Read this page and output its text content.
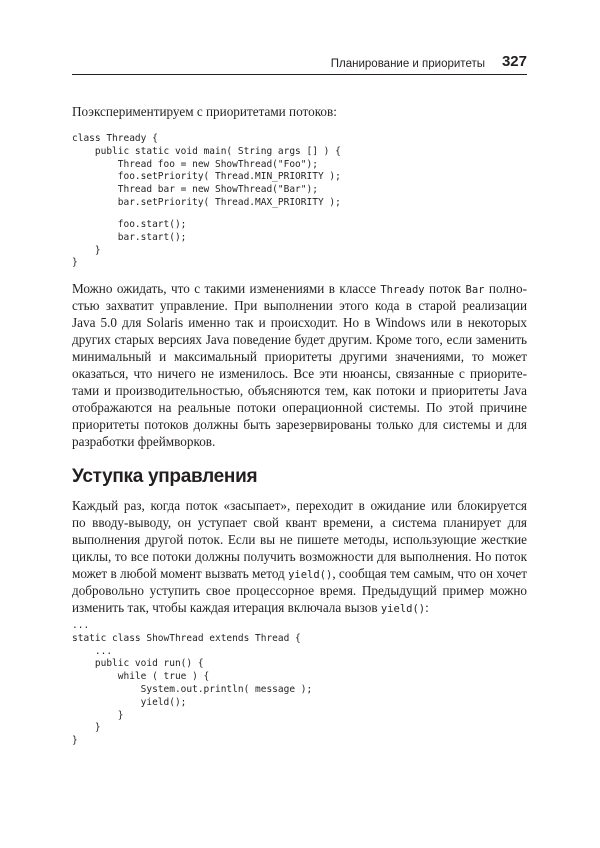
Планирование и приоритеты 327

Поэкспериментируем с приоритетами потоков:

class Thready {
public static void main( String args [] ) {
Thread foo = new ShowThread("Foo");
foo.setPriority( Thread.MIN_PRIORITY );
Thread bar = new ShowThread("Bar");
bar.setPriority( Thread.MAX_PRIORITY );
foo.start();
bar.start();
}
}
Можно ожидать, что с такими изменениями в классе Thready поток Bar полно-
стью захватит управление. При выполнении этого кода в старой реализации
Java 5.0 для Solaris именно так и происходит. Но в Windows или в некоторых
других старых версиях Java поведение будет другим. Кроме того, если заменить
минимальный и максимальный приоритеты другими значениями, то может
оказаться, что ничего не изменилось. Все эти нюансы, связанные с приорите-
тами и производительностью, объясняются тем, как потоки и приоритеты Java
отображаются на реальные потоки операционной системы. По этой причине
приоритеты потоков должны быть зарезервированы только для системы и для
разработки фреймворков.
Уступка управления
Каждый раз, когда поток «засыпает», переходит в ожидание или блокируется
по вводу-выводу, он уступает свой квант времени, а система планирует для
выполнения другой поток. Если вы не пишете методы, использующие жесткие
циклы, то все потоки должны получить возможности для выполнения. Но поток
может в любой момент вызвать метод yield(), сообщая тем самым, что он хочет
добровольно уступить свое процессорное время. Предыдущий пример можно
изменить так, чтобы каждая итерация включала вызов yield():
...
static class ShowThread extends Thread {
...
public void run() {
while ( true ) {
System.out.println( message );
yield();
}
}
}
